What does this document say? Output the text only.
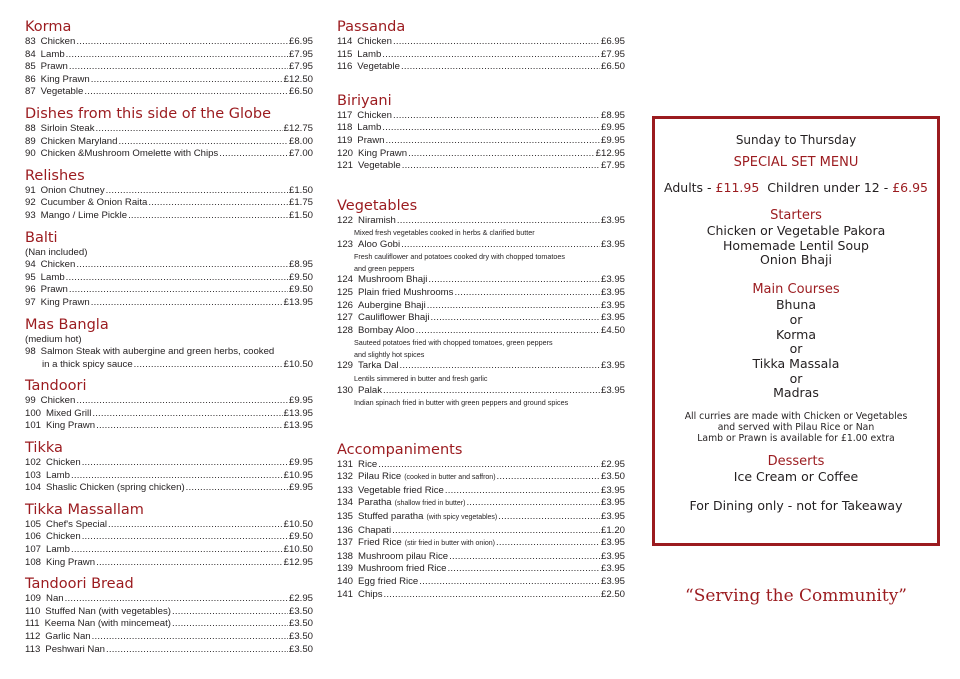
Korma
83 Chicken .....	£6.95
84 Lamb .....	£7.95
85 Prawn .....	£7.95
86 King Prawn .....	£12.50
87 Vegetable .....	£6.50
Dishes from this side of the Globe
88 Sirloin Steak .....	£12.75
89 Chicken Maryland .....	£8.00
90 Chicken &Mushroom Omelette with Chips .....	£7.00
Relishes
91 Onion Chutney .....	£1.50
92 Cucumber & Onion Raita .....	£1.75
93 Mango / Lime Pickle .....	£1.50
Balti
(Nan included)
94 Chicken .....	£8.95
95 Lamb .....	£9.50
96 Prawn .....	£9.50
97 King Prawn .....	£13.95
Mas Bangla
(medium hot)
98 Salmon Steak with aubergine and green herbs, cooked
in a thick spicy sauce .....	£10.50
Tandoori
99 Chicken .....	£9.95
100 Mixed Grill .....	£13.95
101 King Prawn .....	£13.95
Tikka
102 Chicken .....	£9.95
103 Lamb .....	£10.95
104 Shaslic Chicken (spring chicken) .....	£9.95
Tikka Massallam
105 Chef's Special .....	£10.50
106 Chicken .....	£9.50
107 Lamb .....	£10.50
108 King Prawn .....	£12.95
Tandoori Bread
109 Nan .....	£2.95
110 Stuffed Nan (with vegetables) .....	£3.50
111 Keema Nan (with mincemeat) .....	£3.50
112 Garlic Nan .....	£3.50
113 Peshwari Nan .....	£3.50
Passanda
114 Chicken .....	£6.95
115 Lamb .....	£7.95
116 Vegetable .....	£6.50
Biriyani
117 Chicken .....	£8.95
118 Lamb .....	£9.95
119 Prawn .....	£9.95
120 King Prawn .....	£12.95
121 Vegetable .....	£7.95
Vegetables
122 Niramish .....	£3.95
Mixed fresh vegetables cooked in herbs & clarified butter
123 Aloo Gobi .....	£3.95
Fresh cauliflower and potatoes cooked dry with chopped tomatoes
and green peppers
124 Mushroom Bhaji .....	£3.95
125 Plain fried Mushrooms .....	£3.95
126 Aubergine Bhaji .....	£3.95
127 Cauliflower Bhaji .....	£3.95
128 Bombay Aloo .....	£4.50
Sauteed potatoes fried with chopped tomatoes, green peppers
and slightly hot spices
129 Tarka Dal .....	£3.95
Lentils simmered in butter and fresh garlic
130 Palak .....	£3.95
Indian spinach fried in butter with green peppers and ground spices
Accompaniments
131 Rice .....	£2.95
132 Pilau Rice (cooked in butter and saffron) .....	£3.50
133 Vegetable fried Rice .....	£3.95
134 Paratha (shallow fried in butter) .....	£3.95
135 Stuffed paratha (with spicy vegetables) .....	£3.95
136 Chapati .....	£1.20
137 Fried Rice (stir fried in butter with onion) .....	£3.95
138 Mushroom pilau Rice .....	£3.95
139 Mushroom fried Rice .....	£3.95
140 Egg fried Rice .....	£3.95
141 Chips .....	£2.50
Sunday to Thursday
SPECIAL SET MENU
Adults - £11.95 Children under 12 - £6.95
Starters
Chicken or Vegetable Pakora
Homemade Lentil Soup
Onion Bhaji
Main Courses
Bhuna
or
Korma
or
Tikka Massala
or
Madras
All curries are made with Chicken or Vegetables
and served with Pilau Rice or Nan
Lamb or Prawn is available for £1.00 extra
Desserts
Ice Cream or Coffee
For Dining only - not for Takeaway
“Serving the Community”
